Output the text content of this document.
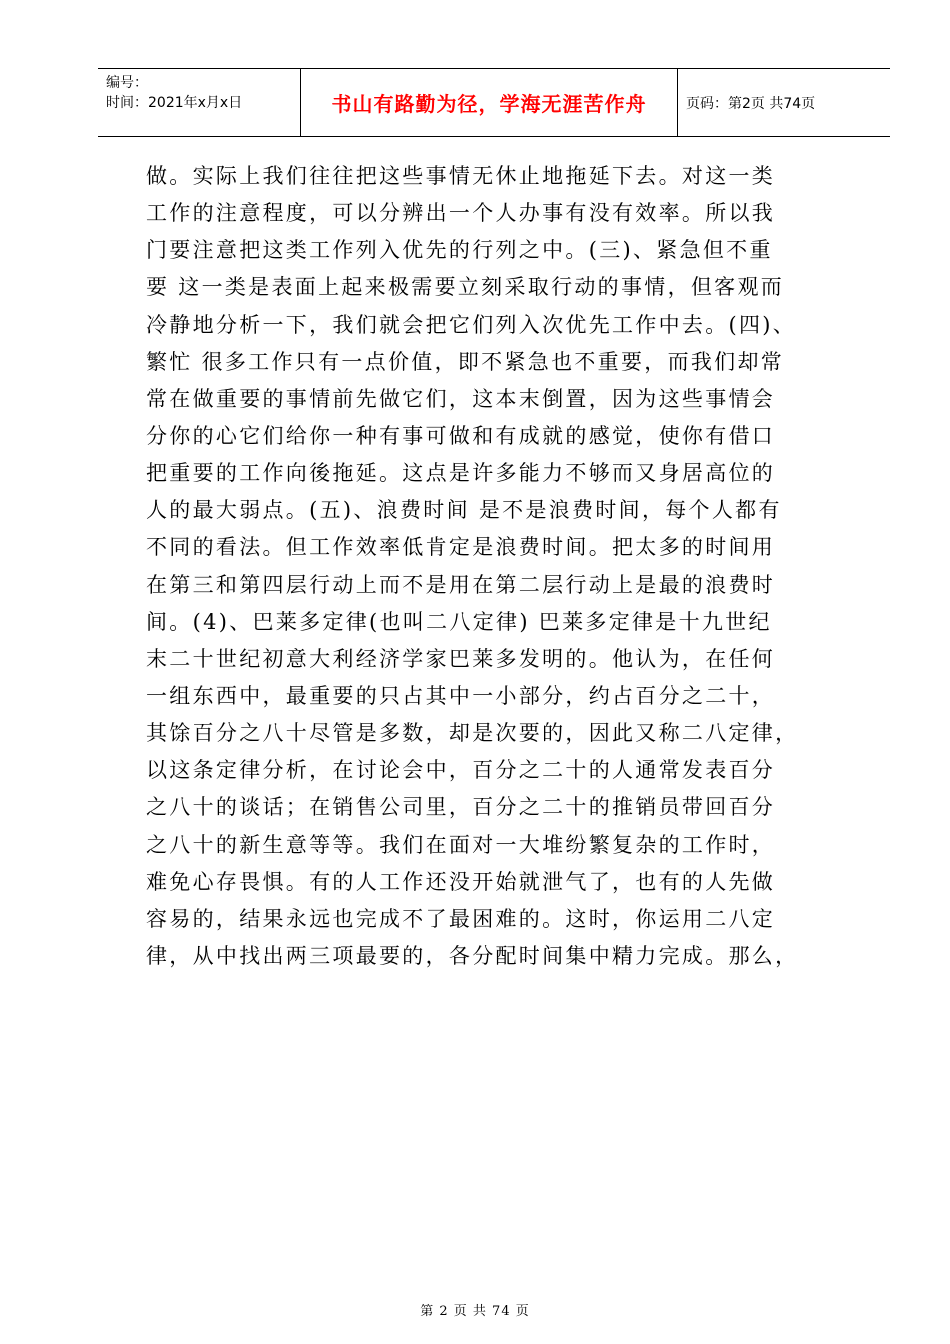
编号：
时间：2021年x月x日	书山有路勤为径，学海无涯苦作舟	页码：第2页 共74页
做。实际上我们往往把这些事情无休止地拖延下去。对这一类
工作的注意程度，可以分辨出一个人办事有没有效率。所以我
门要注意把这类工作列入优先的行列之中。(三)、紧急但不重
要 这一类是表面上起来极需要立刻采取行动的事情，但客观而
冷静地分析一下，我们就会把它们列入次优先工作中去。(四)、
繁忙 很多工作只有一点价值，即不紧急也不重要，而我们却常
常在做重要的事情前先做它们，这本末倒置，因为这些事情会
分你的心它们给你一种有事可做和有成就的感觉，使你有借口
把重要的工作向後拖延。这点是许多能力不够而又身居高位的
人的最大弱点。(五)、浪费时间 是不是浪费时间，每个人都有
不同的看法。但工作效率低肯定是浪费时间。把太多的时间用
在第三和第四层行动上而不是用在第二层行动上是最的浪费时
间。(4)、巴莱多定律(也叫二八定律) 巴莱多定律是十九世纪
末二十世纪初意大利经济学家巴莱多发明的。他认为，在任何
一组东西中，最重要的只占其中一小部分，约占百分之二十，
其馀百分之八十尽管是多数，却是次要的，因此又称二八定律，
以这条定律分析，在讨论会中，百分之二十的人通常发表百分
之八十的谈话；在销售公司里，百分之二十的推销员带回百分
之八十的新生意等等。我们在面对一大堆纷繁复杂的工作时，
难免心存畏惧。有的人工作还没开始就泄气了，也有的人先做
容易的，结果永远也完成不了最困难的。这时，你运用二八定
律，从中找出两三项最要的，各分配时间集中精力完成。那么，
第 2 页 共 74 页
